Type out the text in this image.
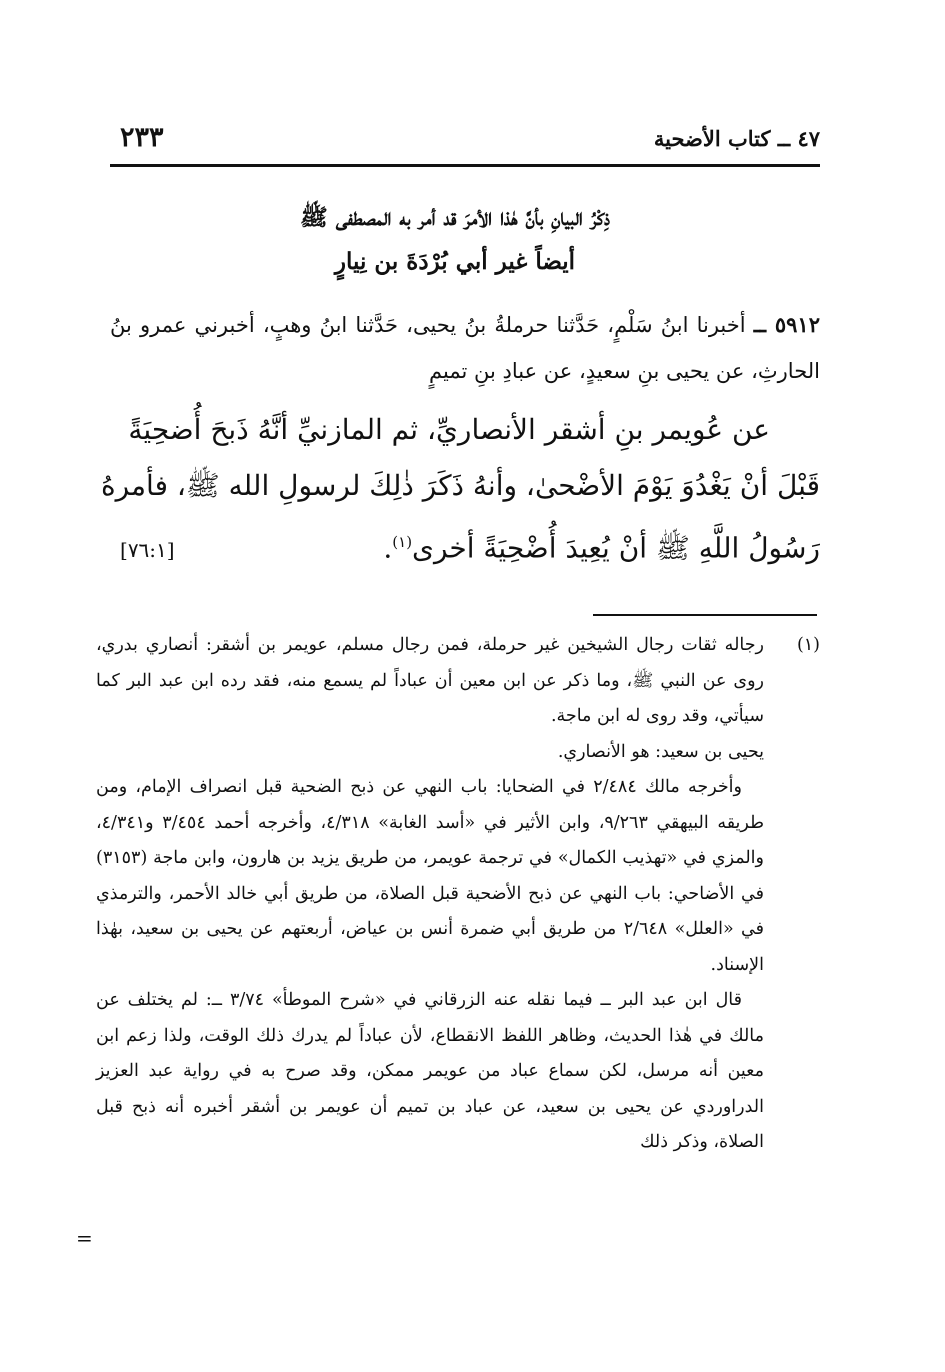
٤٧ ــ كتاب الأضحية
٢٣٣
ذِكْرُ البيانِ بأنَّ هٰذا الأمرَ قد أمر به المصطفى ﷺ
أيضاً غير أبي بُرْدَةَ بن نِيارٍ
٥٩١٢ ــ أخبرنا ابنُ سَلْمٍ، حَدَّثنا حرملةُ بنُ يحيى، حَدَّثنا ابنُ وهبٍ، أخبرني عمرو بنُ الحارثِ، عن يحيى بنِ سعيدٍ، عن عبادِ بنِ تميمٍ
عن عُويمر بنِ أشقر الأنصاريِّ، ثم المازنيِّ أنَّهُ ذَبحَ أُضحِيَةً
قَبْلَ أنْ يَغْدُوَ يَوْمَ الأضْحىٰ، وأنهُ ذَكَرَ ذٰلِكَ لرسولِ الله ﷺ، فأمرهُ
رَسُولُ اللَّهِ ﷺ أنْ يُعِيدَ أُضْحِيَةً أخرى$^{(١)}$.
[٧٦:١]
(١)

رجاله ثقات رجال الشيخين غير حرملة، فمن رجال مسلم، عويمر بن أشقر: أنصاري بدري، روى عن النبي ﷺ، وما ذكر عن ابن معين أن عباداً لم يسمع منه، فقد رده ابن عبد البر كما سيأتي، وقد روى له ابن ماجة.

يحيى بن سعيد: هو الأنصاري.

وأخرجه مالك ٢/٤٨٤ في الضحايا: باب النهي عن ذبح الضحية قبل انصراف الإمام، ومن طريقه البيهقي ٩/٢٦٣، وابن الأثير في «أسد الغابة» ٤/٣١٨، وأخرجه أحمد ٣/٤٥٤ و٤/٣٤١، والمزي في «تهذيب الكمال» في ترجمة عويمر، من طريق يزيد بن هارون، وابن ماجة (٣١٥٣) في الأضاحي: باب النهي عن ذبح الأضحية قبل الصلاة، من طريق أبي خالد الأحمر، والترمذي في «العلل» ٢/٦٤٨ من طريق أبي ضمرة أنس بن عياض، أربعتهم عن يحيى بن سعيد، بهٰذا الإسناد.

قال ابن عبد البر ــ فيما نقله عنه الزرقاني في «شرح الموطأ» ٣/٧٤ ــ: لم يختلف عن مالك في هٰذا الحديث، وظاهر اللفظ الانقطاع، لأن عباداً لم يدرك ذلك الوقت، ولذا زعم ابن معين أنه مرسل، لكن سماع عباد من عويمر ممكن، وقد صرح به في رواية عبد العزيز الدراوردي عن يحيى بن سعيد، عن عباد بن تميم أن عويمر بن أشقر أخبره أنه ذبح قبل الصلاة، وذكر ذلك

=
